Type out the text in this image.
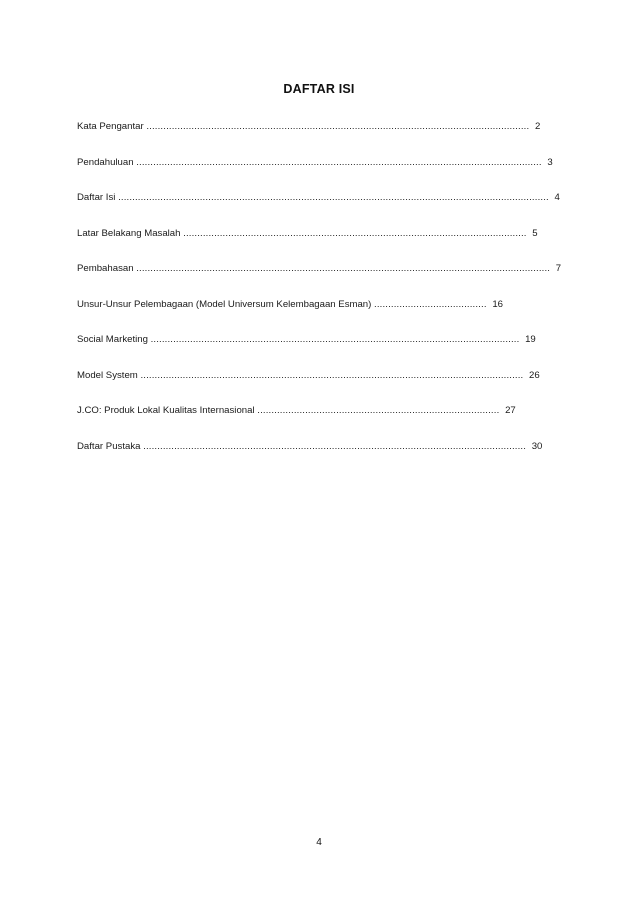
DAFTAR ISI
Kata Pengantar ........................................................................................................................................ 2
Pendahuluan ................................................................................................................................................ 3
Daftar Isi ......................................................................................................................................................... 4
Latar Belakang Masalah .......................................................................................................................... 5
Pembahasan ................................................................................................................................................... 7
Unsur-Unsur Pelembagaan (Model Universum Kelembagaan Esman) ........................................ 16
Social Marketing ................................................................................................................................... 19
Model System ........................................................................................................................................ 26
J.CO: Produk Lokal Kualitas Internasional ...................................................................................... 27
Daftar Pustaka ........................................................................................................................................ 30
4
